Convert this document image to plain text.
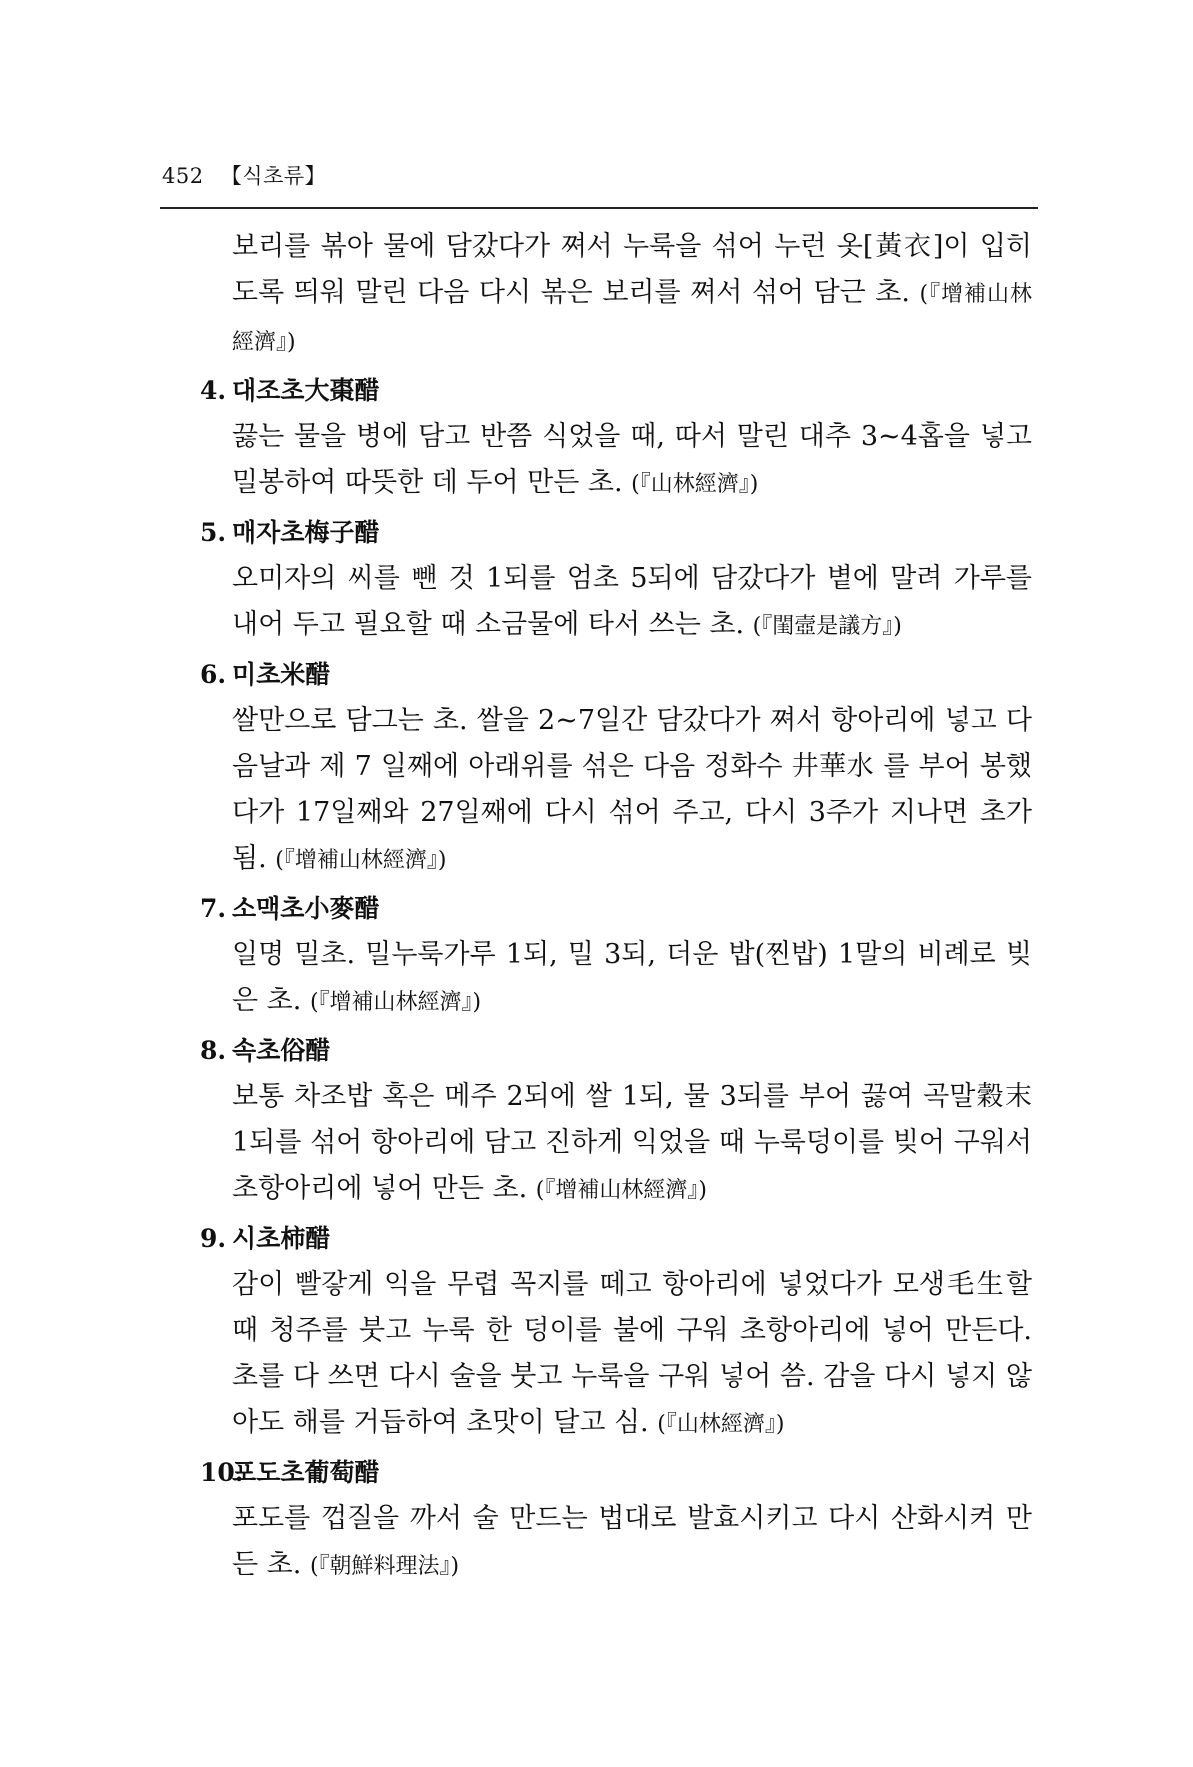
452 【식초류】

보리를 볶아 물에 담갔다가 쪄서 누룩을 섞어 누런 옷[黃衣]이 입히도록 띄워 말린 다음 다시 볶은 보리를 쪄서 섞어 담근 초. (『增補山林經濟』)

4. 대조초大棗醋

끓는 물을 병에 담고 반쯤 식었을 때, 따서 말린 대추 3~4홉을 넣고 밀봉하여 따뜻한 데 두어 만든 초. (『山林經濟』)

5. 매자초梅子醋

오미자의 씨를 뺀 것 1되를 엄초 5되에 담갔다가 볕에 말려 가루를 내어 두고 필요할 때 소금물에 타서 쓰는 초. (『閨壼是議方』)

6. 미초米醋

쌀만으로 담그는 초. 쌀을 2~7일간 담갔다가 쪄서 항아리에 넣고 다음날과 제 7 일째에 아래위를 섞은 다음 정화수 井華水 를 부어 봉했다가 17일째와 27일째에 다시 섞어 주고, 다시 3주가 지나면 초가 됨. (『增補山林經濟』)

7. 소맥초小麥醋

일명 밀초. 밀누룩가루 1되, 밀 3되, 더운 밥(찐밥) 1말의 비례로 빚은 초. (『增補山林經濟』)

8. 속초俗醋

보통 차조밥 혹은 메주 2되에 쌀 1되, 물 3되를 부어 끓여 곡말穀末 1되를 섞어 항아리에 담고 진하게 익었을 때 누룩덩이를 빚어 구워서 초항아리에 넣어 만든 초. (『增補山林經濟』)

9. 시초柿醋

감이 빨갛게 익을 무렵 꼭지를 떼고 항아리에 넣었다가 모생毛生할 때 청주를 붓고 누룩 한 덩이를 불에 구워 초항아리에 넣어 만든다. 초를 다 쓰면 다시 술을 붓고 누룩을 구워 넣어 씀. 감을 다시 넣지 않아도 해를 거듭하여 초맛이 달고 심. (『山林經濟』)

10.포도초葡萄醋

포도를 껍질을 까서 술 만드는 법대로 발효시키고 다시 산화시켜 만든 초. (『朝鮮料理法』)
